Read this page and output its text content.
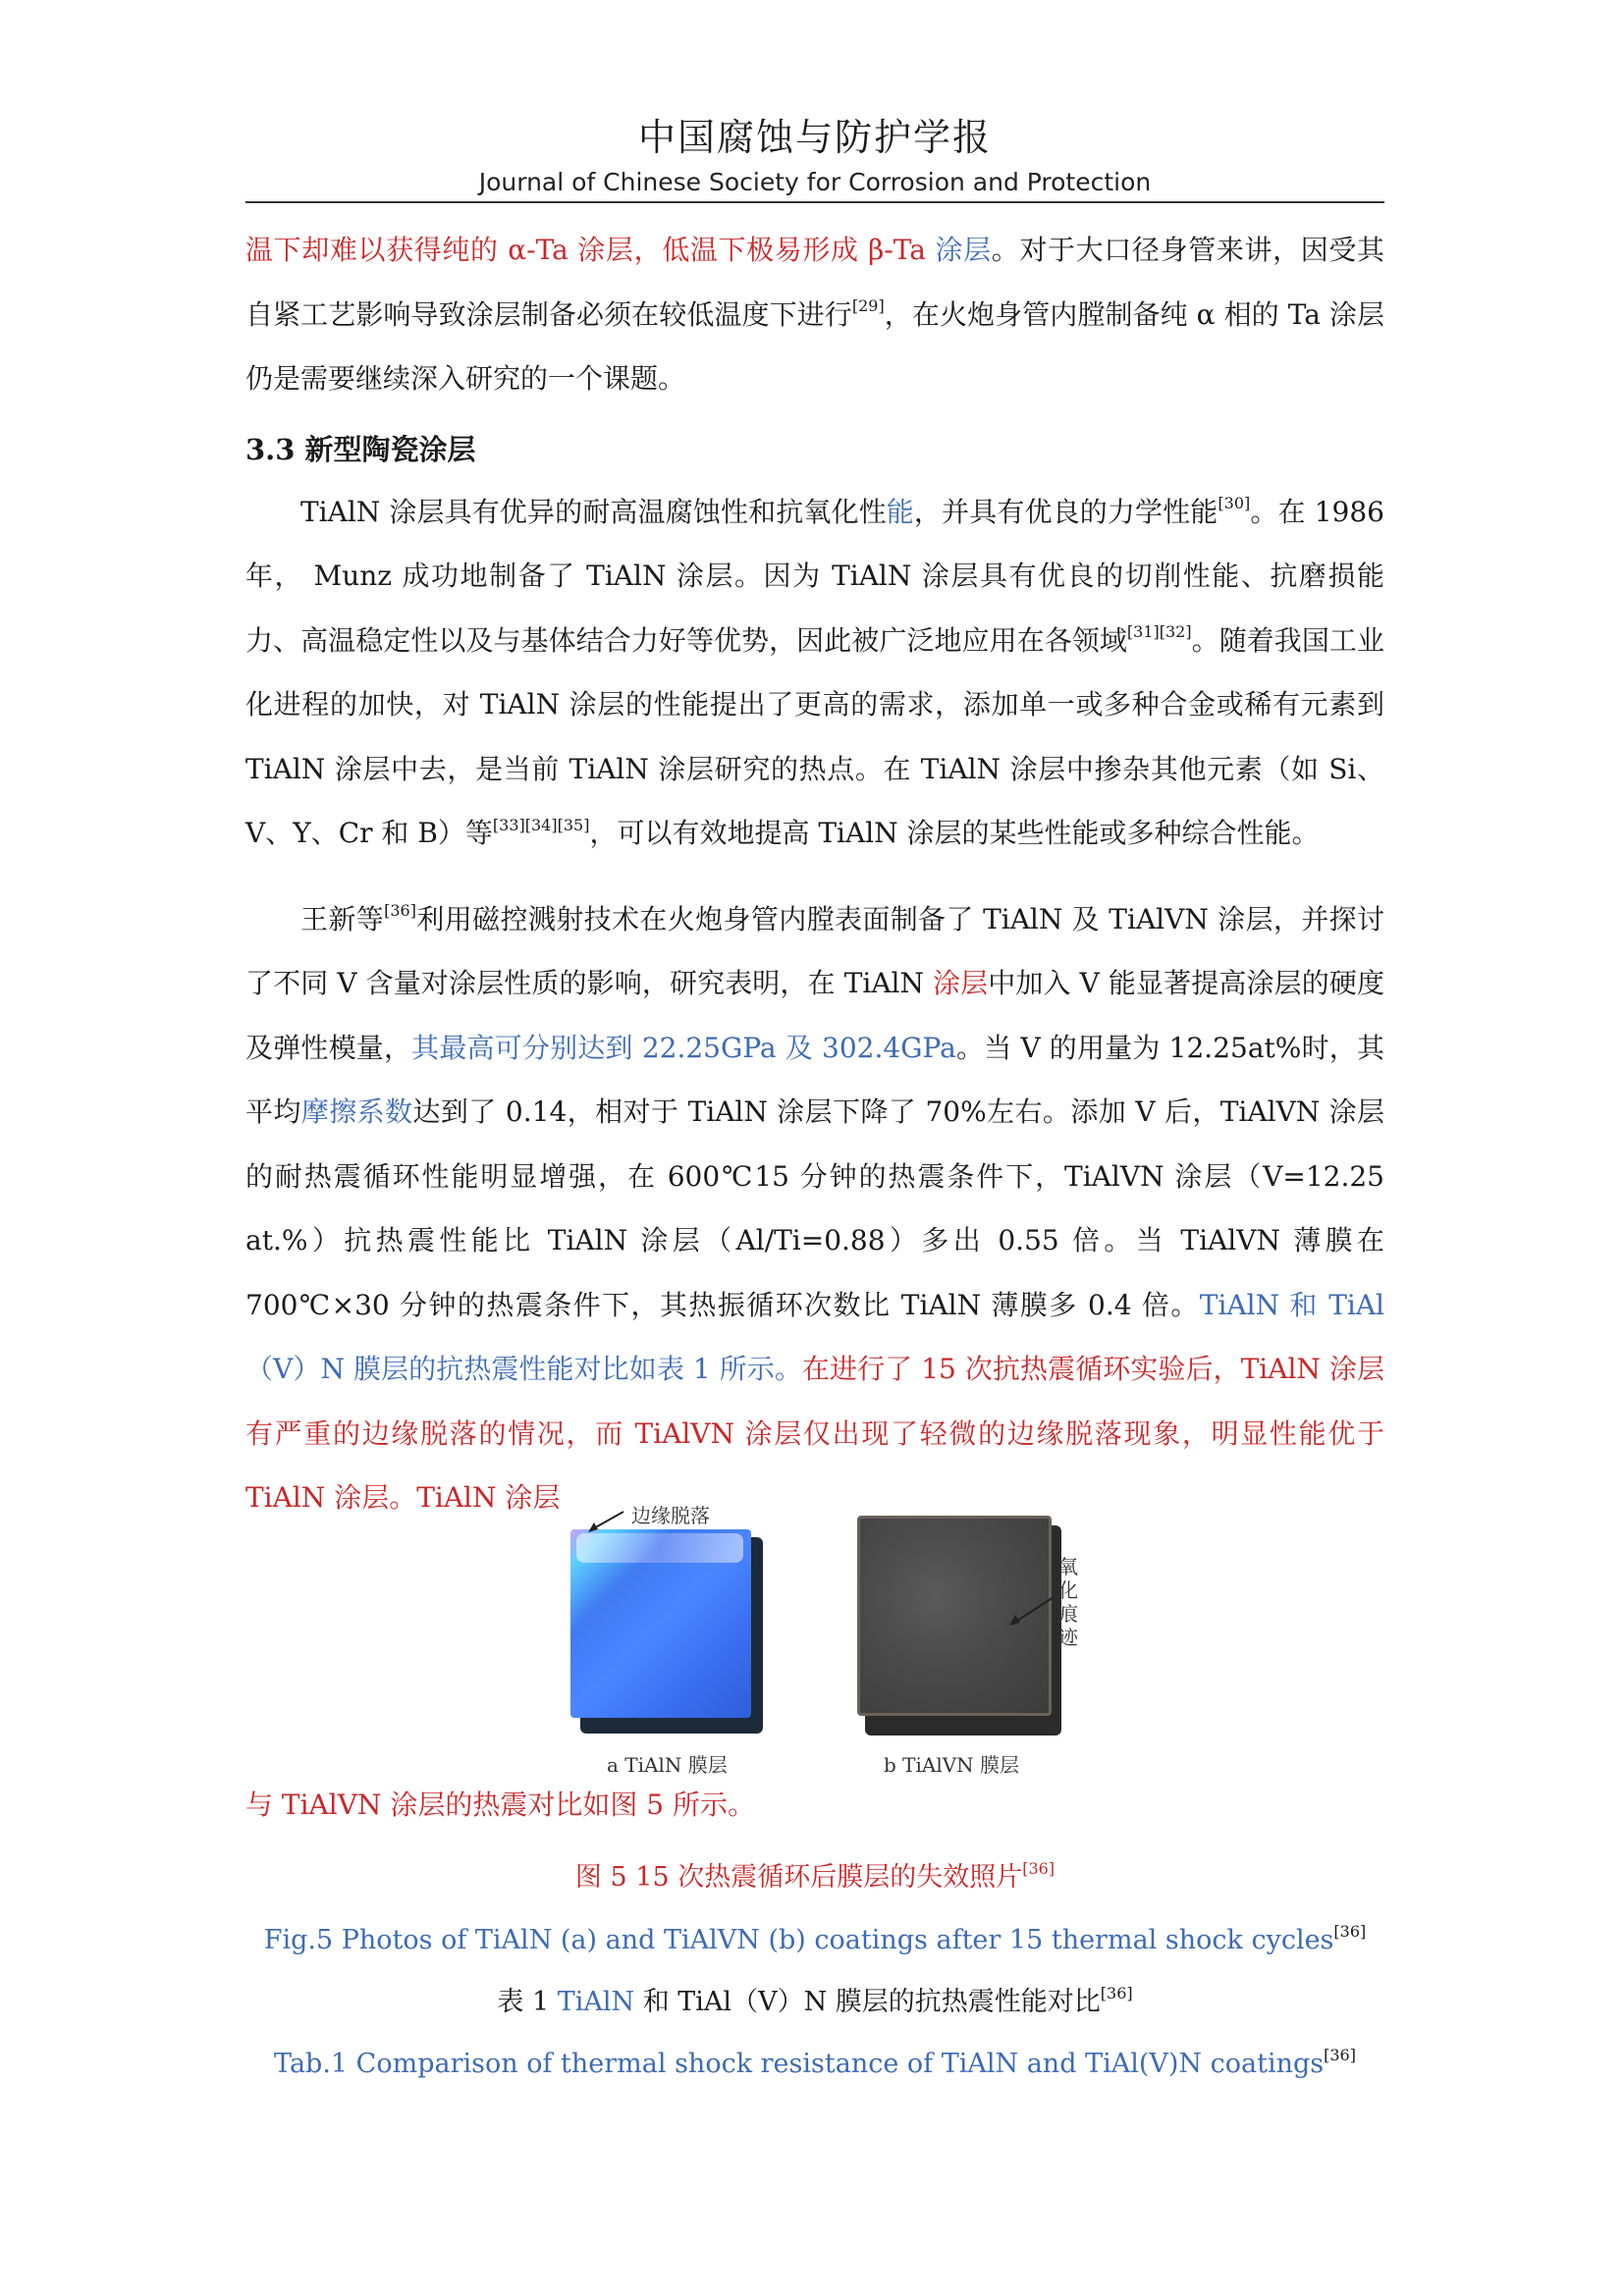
中国腐蚀与防护学报
Journal of Chinese Society for Corrosion and Protection

温下却难以获得纯的 α-Ta 涂层，低温下极易形成 β-Ta 涂层。对于大口径身管来讲，因受其自紧工艺影响导致涂层制备必须在较低温度下进行[29]，在火炮身管内膛制备纯 α 相的 Ta 涂层仍是需要继续深入研究的一个课题。

3.3 新型陶瓷涂层

TiAlN 涂层具有优异的耐高温腐蚀性和抗氧化性能，并具有优良的力学性能[30]。在 1986 年， Munz 成功地制备了 TiAlN 涂层。因为 TiAlN 涂层具有优良的切削性能、抗磨损能力、高温稳定性以及与基体结合力好等优势，因此被广泛地应用在各领域[31][32]。随着我国工业化进程的加快，对 TiAlN 涂层的性能提出了更高的需求，添加单一或多种合金或稀有元素到 TiAlN 涂层中去，是当前 TiAlN 涂层研究的热点。在 TiAlN 涂层中掺杂其他元素（如 Si、V、Y、Cr 和 B）等[33][34][35]，可以有效地提高 TiAlN 涂层的某些性能或多种综合性能。

王新等[36]利用磁控溅射技术在火炮身管内膛表面制备了 TiAlN 及 TiAlVN 涂层，并探讨了不同 V 含量对涂层性质的影响，研究表明，在 TiAlN 涂层中加入 V 能显著提高涂层的硬度及弹性模量，其最高可分别达到 22.25GPa 及 302.4GPa。当 V 的用量为 12.25at%时，其平均摩擦系数达到了 0.14，相对于 TiAlN 涂层下降了 70%左右。添加 V 后，TiAlVN 涂层的耐热震循环性能明显增强，在 600℃15 分钟的热震条件下，TiAlVN 涂层（V=12.25 at.%）抗热震性能比 TiAlN 涂层（Al/Ti=0.88）多出 0.55 倍。当 TiAlVN 薄膜在 700℃×30 分钟的热震条件下，其热振循环次数比 TiAlN 薄膜多 0.4 倍。TiAlN 和 TiAl（V）N 膜层的抗热震性能对比如表 1 所示。在进行了 15 次抗热震循环实验后，TiAlN 涂层有严重的边缘脱落的情况，而 TiAlVN 涂层仅出现了轻微的边缘脱落现象，明显性能优于 TiAlN 涂层。TiAlN 涂层

边缘脱落
氧化痕迹
a TiAlN 膜层	b TiAlVN 膜层

与 TiAlVN 涂层的热震对比如图 5 所示。

图 5 15 次热震循环后膜层的失效照片[36]
Fig.5 Photos of TiAlN (a) and TiAlVN (b) coatings after 15 thermal shock cycles[36]
表 1 TiAlN 和 TiAl（V）N 膜层的抗热震性能对比[36]
Tab.1 Comparison of thermal shock resistance of TiAlN and TiAl(V)N coatings[36]
